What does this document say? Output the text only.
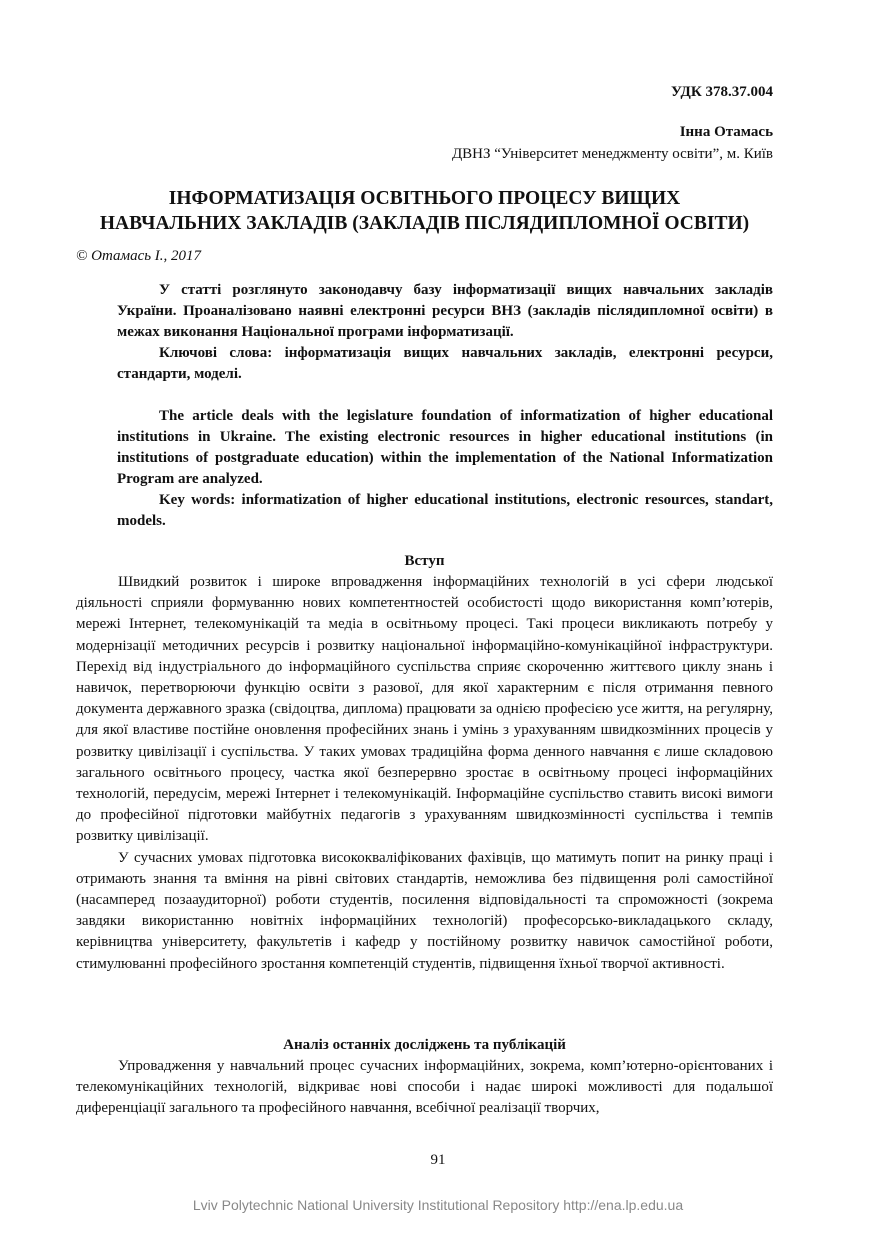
УДК 378.37.004
Інна Отамась
ДВНЗ “Університет менеджменту освіти”, м. Київ
ІНФОРМАТИЗАЦІЯ ОСВІТНЬОГО ПРОЦЕСУ ВИЩИХ
НАВЧАЛЬНИХ ЗАКЛАДІВ (ЗАКЛАДІВ ПІСЛЯДИПЛОМНОЇ ОСВІТИ)
© Отамась І., 2017

У статті розглянуто законодавчу базу інформатизації вищих навчальних закладів України. Проаналізовано наявні електронні ресурси ВНЗ (закладів післядипломної освіти) в межах виконання Національної програми інформатизації.

Ключові слова: інформатизація вищих навчальних закладів, електронні ресурси, стандарти, моделі.

The article deals with the legislature foundation of informatization of higher educational institutions in Ukraine. The existing electronic resources in higher educational institutions (in institutions of postgraduate education) within the implementation of the National Informatization Program are analyzed.

Key words: informatization of higher educational institutions, electronic resources, standart, models.

Вступ

Швидкий розвиток і широке впровадження інформаційних технологій в усі сфери людської діяльності сприяли формуванню нових компетентностей особистості щодо використання комп’ютерів, мережі Інтернет, телекомунікацій та медіа в освітньому процесі. Такі процеси викликають потребу у модернізації методичних ресурсів і розвитку національної інформаційно-комунікаційної інфраструктури. Перехід від індустріального до інформаційного суспільства сприяє скороченню життєвого циклу знань і навичок, перетворюючи функцію освіти з разової, для якої характерним є після отримання певного документа державного зразка (свідоцтва, диплома) працювати за однією професією усе життя, на регулярну, для якої властиве постійне оновлення професійних знань і умінь з урахуванням швидкозмінних процесів у розвитку цивілізації і суспільства. У таких умовах традиційна форма денного навчання є лише складовою загального освітнього процесу, частка якої безперервно зростає в освітньому процесі інформаційних технологій, передусім, мережі Інтернет і телекомунікацій. Інформаційне суспільство ставить високі вимоги до професійної підготовки майбутніх педагогів з урахуванням швидкозмінності суспільства і темпів розвитку цивілізації.

У сучасних умовах підготовка висококваліфікованих фахівців, що матимуть попит на ринку праці і отримають знання та вміння на рівні світових стандартів, неможлива без підвищення ролі самостійної (насамперед позааудиторної) роботи студентів, посилення відповідальності та спроможності (зокрема завдяки використанню новітніх інформаційних технологій) професорсько-викладацького складу, керівництва університету, факультетів і кафедр у постійному розвитку навичок самостійної роботи, стимулюванні професійного зростання компетенцій студентів, підвищення їхньої творчої активності.

Аналіз останніх досліджень та публікацій

Упровадження у навчальний процес сучасних інформаційних, зокрема, комп’ютерно-орієнтованих і телекомунікаційних технологій, відкриває нові способи і надає широкі можливості для подальшої диференціації загального та професійного навчання, всебічної реалізації творчих,

91
Lviv Polytechnic National University Institutional Repository http://ena.lp.edu.ua
